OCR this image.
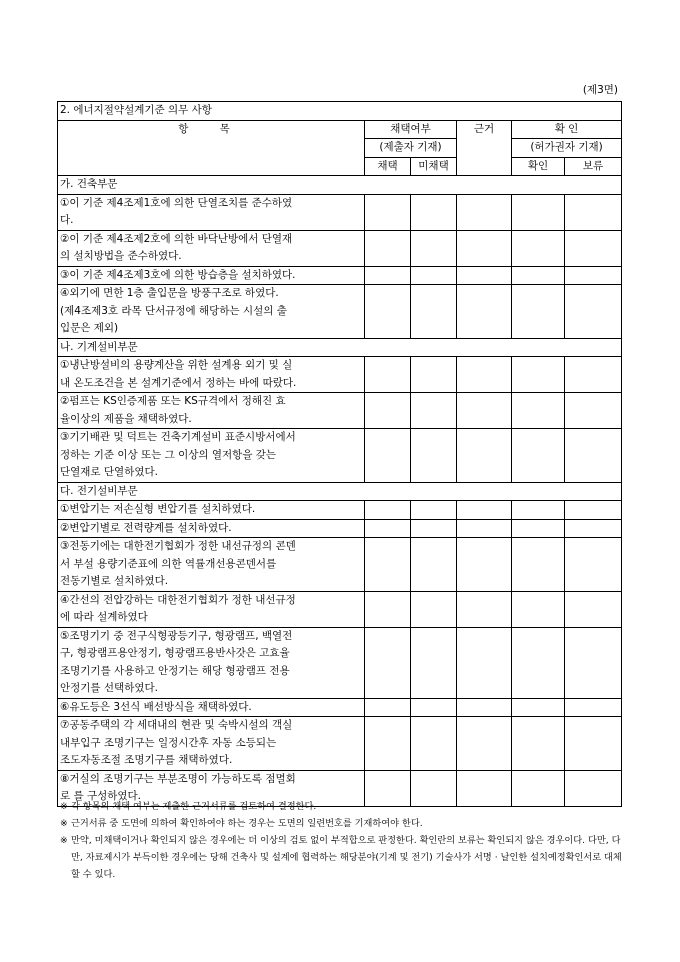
(제3면)
2. 에너지절약설계기준 의무 사항					
항 목	채택여부		근거	확 인	
	(제출자 기재)			(허가권자 기재)	
	채택	미채택		확인	보류
가. 건축부문					

①이 기준 제4조제1호에 의한 단열조치를 준수하였
다.					

②이 기준 제4조제2호에 의한 바닥난방에서 단열재
의 설치방법을 준수하였다.					

③이 기준 제4조제3호에 의한 방습층을 설치하였다.					

④외기에 면한 1층 출입문을 방풍구조로 하였다.
(제4조제3호 라목 단서규정에 해당하는 시설의 출
입문은 제외)					

나. 기계설비부문					

①냉난방설비의 용량계산을 위한 설계용 외기 및 실
내 온도조건을 본 설계기준에서 정하는 바에 따랐다.					

②펌프는 KS인증제품 또는 KS규격에서 정해진 효
율이상의 제품을 채택하였다.					

③기기배관 및 덕트는 건축기계설비 표준시방서에서
정하는 기준 이상 또는 그 이상의 열저항을 갖는
단열재로 단열하였다.					

다. 전기설비부문					

①변압기는 저손실형 변압기를 설치하였다.					

②변압기별로 전력량계를 설치하였다.					

③전동기에는 대한전기협회가 정한 내선규정의 콘덴
서 부설 용량기준표에 의한 역률개선용콘덴서를
전동기별로 설치하였다.					

④간선의 전압강하는 대한전기협회가 정한 내선규정
에 따라 설계하였다					

⑤조명기기 중 전구식형광등기구, 형광램프, 백열전
구, 형광램프용안정기, 형광램프용반사갓은 고효율
조명기기를 사용하고 안정기는 해당 형광램프 전용
안정기를 선택하였다.					

⑥유도등은 3선식 배선방식을 채택하였다.					

⑦공동주택의 각 세대내의 현관 및 숙박시설의 객실
내부입구 조명기구는 일정시간후 자동 소등되는
조도자동조절 조명기구를 채택하였다.					

⑧거실의 조명기구는 부분조명이 가능하도록 점멸회
로 를 구성하였다.					

※ 각 항목의 채택 여부는 제출한 근거서류를 검토하여 결정한다.
※ 근거서류 중 도면에 의하여 확인하여야 하는 경우는 도면의 일련번호를 기재하여야 한다.
※ 만약, 미채택이거나 확인되지 않은 경우에는 더 이상의 검토 없이 부적합으로 판정한다. 확인란의 보류는 확인되지 않은 경우이다. 다만, 다만, 자료제시가 부득이한 경우에는 당해 건축사 및 설계에 협력하는 해당분야(기계 및 전기) 기술사가 서명 · 날인한 설치예정확인서로 대체할 수 있다.
